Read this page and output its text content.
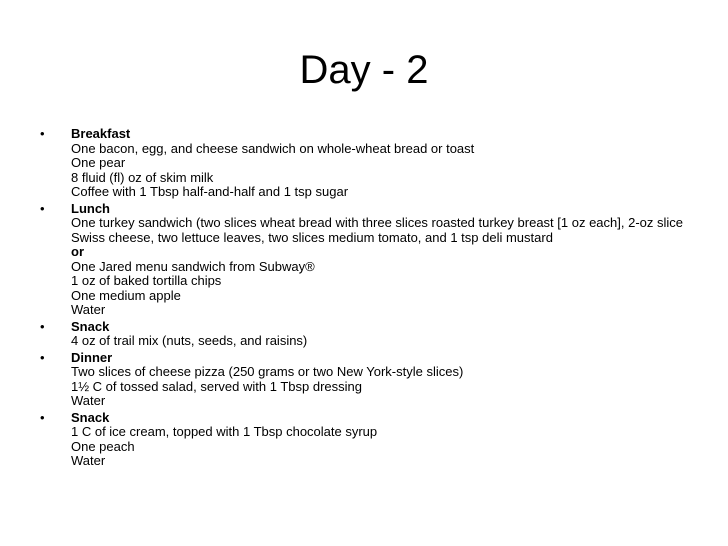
Day - 2
•	Breakfast
One bacon, egg, and cheese sandwich on whole-wheat bread or toast
One pear
8 fluid (fl) oz of skim milk
Coffee with 1 Tbsp half-and-half and 1 tsp sugar
•	Lunch
One turkey sandwich (two slices wheat bread with three slices roasted turkey breast [1 oz each], 2-oz slice Swiss cheese, two lettuce leaves, two slices medium tomato, and 1 tsp deli mustard
or
One Jared menu sandwich from Subway®
1 oz of baked tortilla chips
One medium apple
Water
•	Snack
4 oz of trail mix (nuts, seeds, and raisins)
•	Dinner
Two slices of cheese pizza (250 grams or two New York-style slices)
1½ C of tossed salad, served with 1 Tbsp dressing
Water
•	Snack
1 C of ice cream, topped with 1 Tbsp chocolate syrup
One peach
Water
